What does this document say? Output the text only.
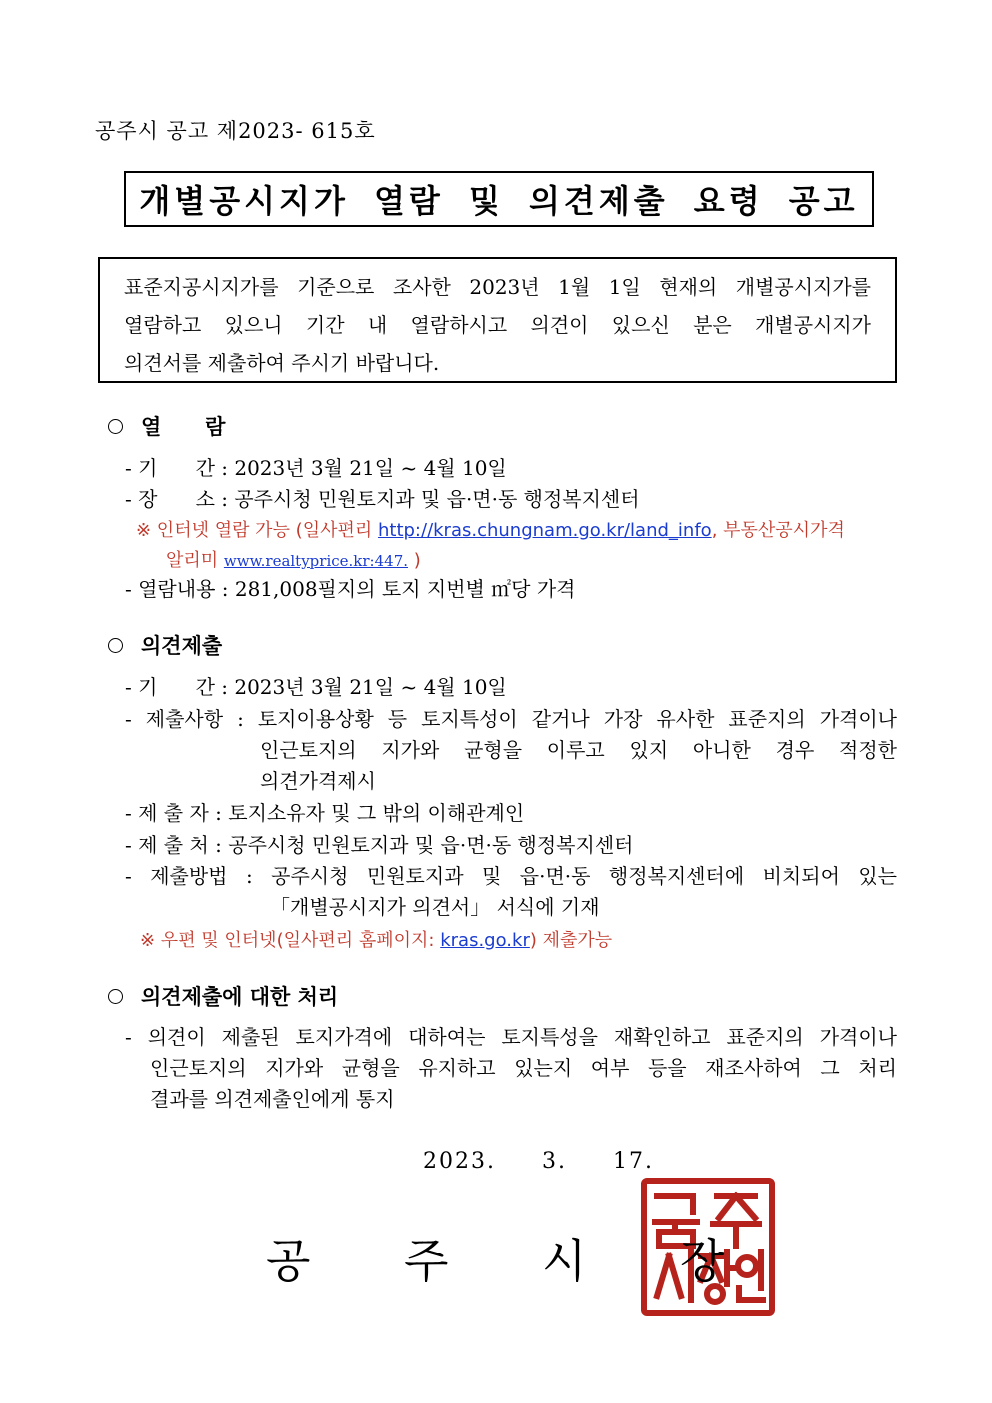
공주시 공고 제2023- 615호
개별공시지가 열람 및 의견제출 요령 공고
표준지공시지가를 기준으로 조사한 2023년 1월 1일 현재의 개별공시지가를
열람하고 있으니 기간 내 열람하시고 의견이 있으신 분은 개별공시지가
의견서를 제출하여 주시기 바랍니다.
열      람
- 기      간 : 2023년 3월 21일 ~ 4월 10일
- 장      소 : 공주시청 민원토지과 및 읍·면·동 행정복지센터
※ 인터넷 열람 가능 (일사편리 http://kras.chungnam.go.kr/land_info, 부동산공시가격
알리미 www.realtyprice.kr:447. )
- 열람내용 : 281,008필지의 토지 지번별 ㎡당 가격
의견제출
- 기      간 : 2023년 3월 21일 ~ 4월 10일
- 제출사항 : 토지이용상황 등 토지특성이 같거나 가장 유사한 표준지의 가격이나
인근토지의 지가와 균형을 이루고 있지 아니한 경우 적정한
의견가격제시
- 제 출 자 : 토지소유자 및 그 밖의 이해관계인
- 제 출 처 : 공주시청 민원토지과 및 읍·면·동 행정복지센터
- 제출방법 : 공주시청 민원토지과 및 읍·면·동 행정복지센터에 비치되어 있는
「개별공시지가 의견서」 서식에 기재
※ 우편 및 인터넷(일사편리 홈페이지: kras.go.kr) 제출가능
의견제출에 대한 처리
- 의견이 제출된 토지가격에 대하여는 토지특성을 재확인하고 표준지의 가격이나
인근토지의 지가와 균형을 유지하고 있는지 여부 등을 재조사하여 그 처리
결과를 의견제출인에게 통지
2023.  3.  17.
공 주 시 장
